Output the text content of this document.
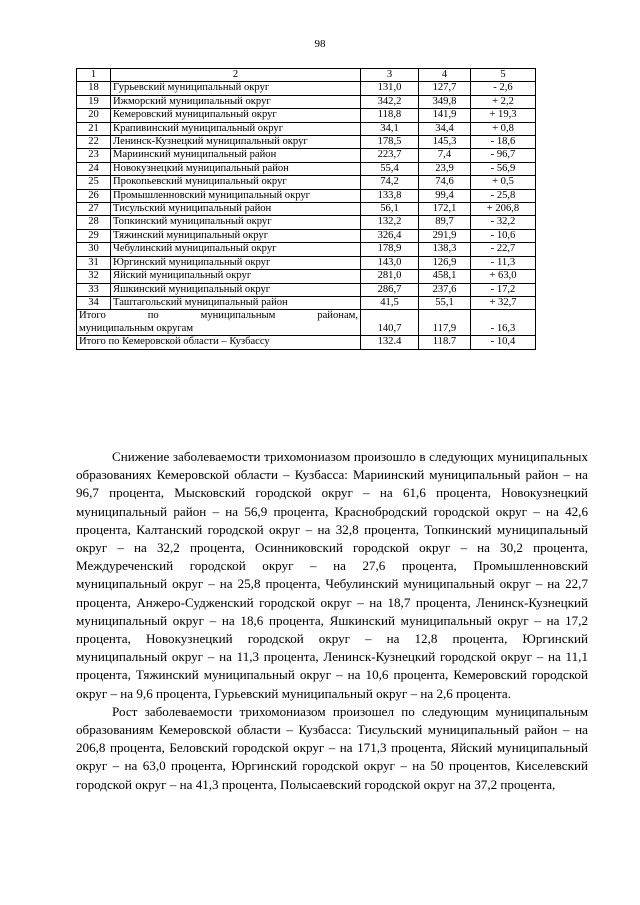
98
1	2	3	4	5
18	Гурьевский муниципальный округ	131,0	127,7	- 2,6
19	Ижморский муниципальный округ	342,2	349,8	+ 2,2
20	Кемеровский муниципальный округ	118,8	141,9	+ 19,3
21	Крапивинский муниципальный округ	34,1	34,4	+ 0,8
22	Ленинск-Кузнецкий муниципальный округ	178,5	145,3	- 18,6
23	Мариинский муниципальный район	223,7	7,4	- 96,7
24	Новокузнецкий муниципальный район	55,4	23,9	- 56,9
25	Прокопьевский муниципальный округ	74,2	74,6	+ 0,5
26	Промышленновский муниципальный округ	133,8	99,4	- 25,8
27	Тисульский муниципальный район	56,1	172,1	+ 206,8
28	Топкинский муниципальный округ	132,2	89,7	- 32,2
29	Тяжинский муниципальный округ	326,4	291,9	- 10,6
30	Чебулинский муниципальный округ	178,9	138,3	- 22,7
31	Юргинский муниципальный округ	143,0	126,9	- 11,3
32	Яйский муниципальный округ	281,0	458,1	+ 63,0
33	Яшкинский муниципальный округ	286,7	237,6	- 17,2
34	Таштагольский муниципальный район	41,5	55,1	+ 32,7

Итого по муниципальным районам,
муниципальным округам		140,7	117,9	- 16,3
Итого по Кемеровской области – Кузбассу		132.4	118.7	- 10,4

Снижение заболеваемости трихомониазом произошло в следующих муниципальных образованиях Кемеровской области – Кузбасса: Мариинский муниципальный район – на 96,7 процента, Мысковский городской округ – на 61,6 процента, Новокузнецкий муниципальный район – на 56,9 процента, Краснобродский городской округ – на 42,6 процента, Калтанский городской округ – на 32,8 процента, Топкинский муниципальный округ – на 32,2 процента, Осинниковский городской округ – на 30,2 процента, Междуреченский городской округ – на 27,6 процента, Промышленновский муниципальный округ – на 25,8 процента, Чебулинский муниципальный округ – на 22,7 процента, Анжеро-Судженский городской округ – на 18,7 процента, Ленинск-Кузнецкий муниципальный округ – на 18,6 процента, Яшкинский муниципальный округ – на 17,2 процента, Новокузнецкий городской округ – на 12,8 процента, Юргинский муниципальный округ – на 11,3 процента, Ленинск-Кузнецкий городской округ – на 11,1 процента, Тяжинский муниципальный округ – на 10,6 процента, Кемеровский городской округ – на 9,6 процента, Гурьевский муниципальный округ – на 2,6 процента.

Рост заболеваемости трихомониазом произошел по следующим муниципальным образованиям Кемеровской области – Кузбасса: Тисульский муниципальный район – на 206,8 процента, Беловский городской округ – на 171,3 процента, Яйский муниципальный округ – на 63,0 процента, Юргинский городской округ – на 50 процентов, Киселевский городской округ – на 41,3 процента, Полысаевский городской округ на 37,2 процента,
